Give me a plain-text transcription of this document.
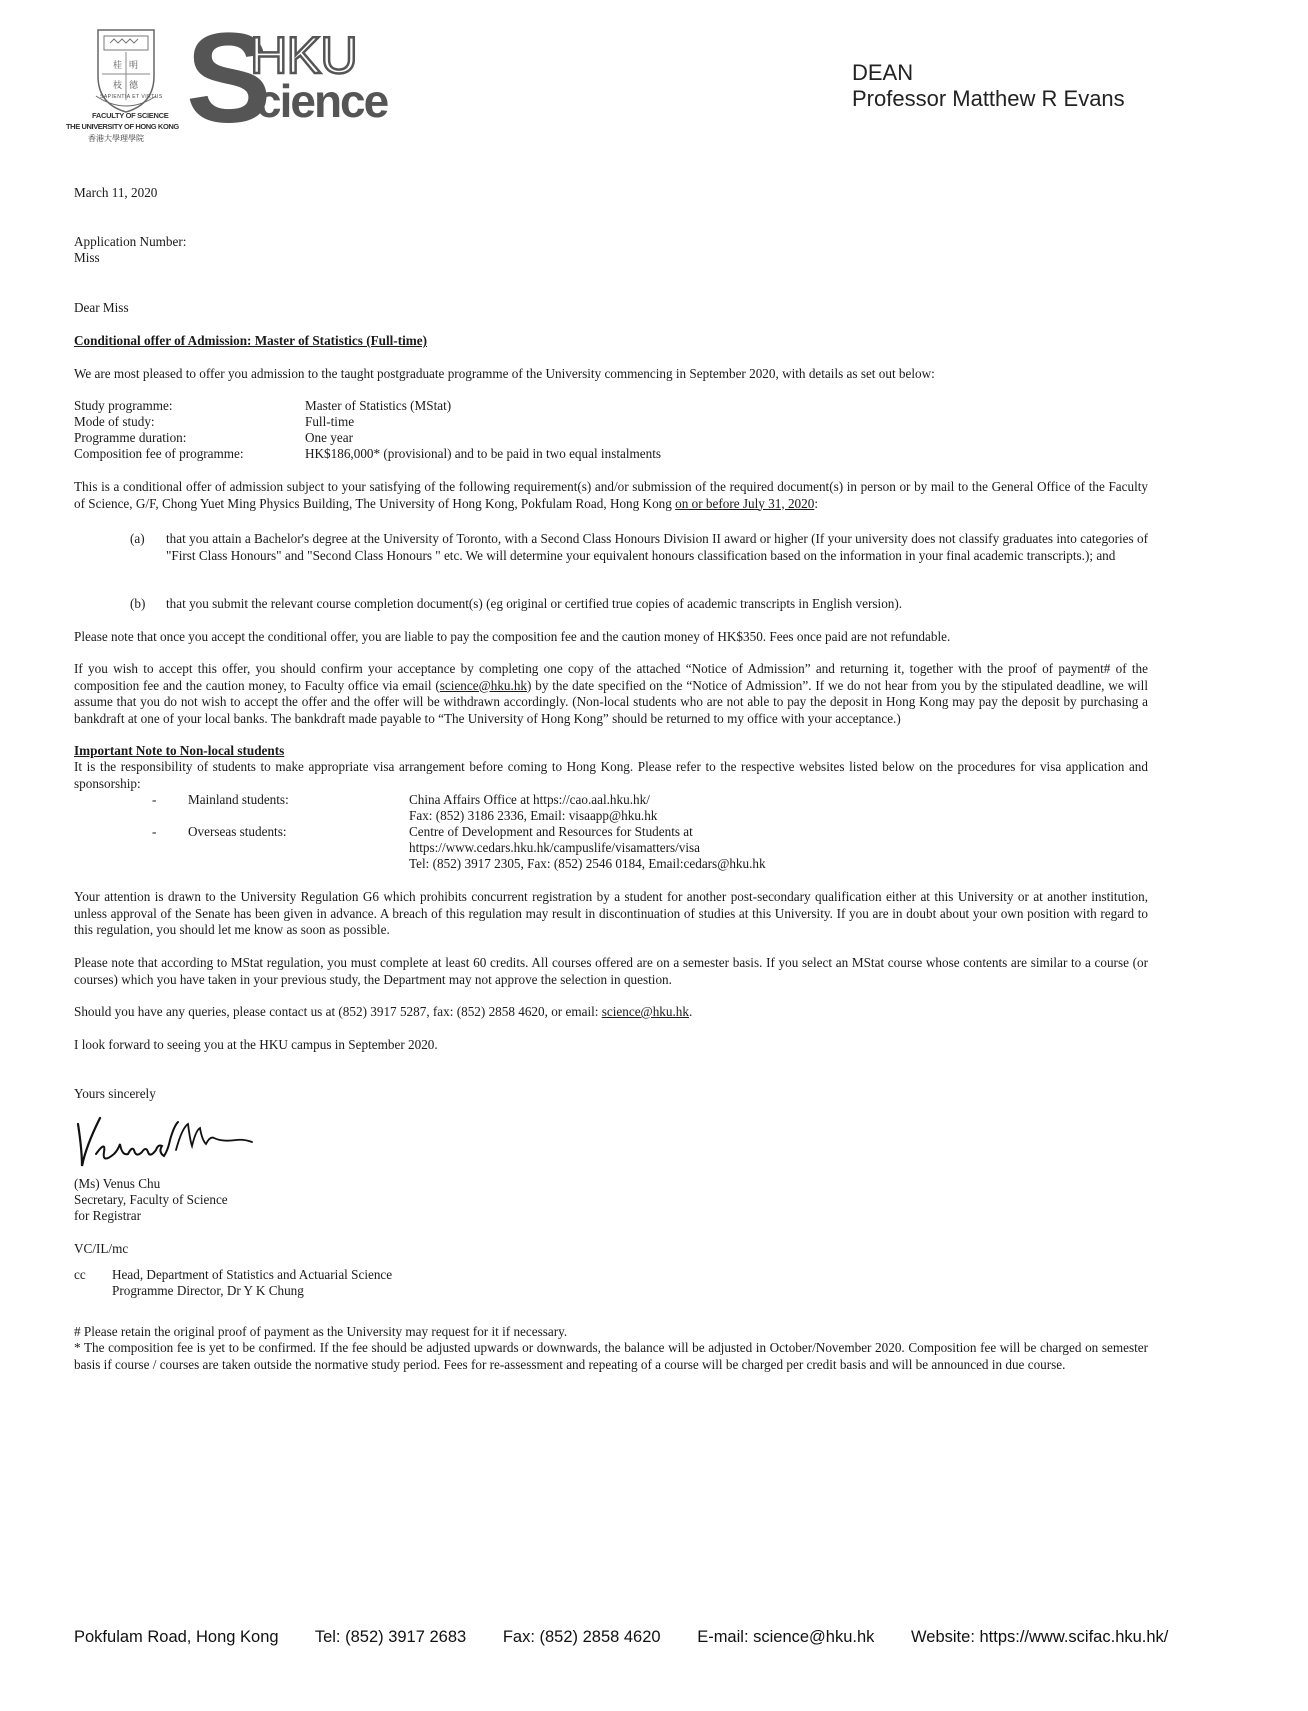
桂 明
枝 德
SAPIENTIA ET VIRTUS
FACULTY OF SCIENCE
THE UNIVERSITY OF HONG KONG
香港大學理學院 S
HKU
cience
DEAN
Professor Matthew R Evans
March 11, 2020
Application Number:
Miss
Dear Miss
Conditional offer of Admission: Master of Statistics (Full-time)
We are most pleased to offer you admission to the taught postgraduate programme of the University commencing in September 2020, with details as set out below:
Study programme:	Master of Statistics (MStat)
Mode of study:	Full-time
Programme duration:	One year
Composition fee of programme:	HK$186,000* (provisional) and to be paid in two equal instalments
This is a conditional offer of admission subject to your satisfying of the following requirement(s) and/or submission of the required document(s) in person or by mail to the General Office of the Faculty of Science, G/F, Chong Yuet Ming Physics Building, The University of Hong Kong, Pokfulam Road, Hong Kong on or before July 31, 2020:
(a) that you attain a Bachelor's degree at the University of Toronto, with a Second Class Honours Division II award or higher (If your university does not classify graduates into categories of "First Class Honours" and "Second Class Honours " etc. We will determine your equivalent honours classification based on the information in your final academic transcripts.); and
(b) that you submit the relevant course completion document(s) (eg original or certified true copies of academic transcripts in English version).
Please note that once you accept the conditional offer, you are liable to pay the composition fee and the caution money of HK$350. Fees once paid are not refundable.
If you wish to accept this offer, you should confirm your acceptance by completing one copy of the attached “Notice of Admission” and returning it, together with the proof of payment# of the composition fee and the caution money, to Faculty office via email (science@hku.hk) by the date specified on the “Notice of Admission”. If we do not hear from you by the stipulated deadline, we will assume that you do not wish to accept the offer and the offer will be withdrawn accordingly. (Non-local students who are not able to pay the deposit in Hong Kong may pay the deposit by purchasing a bankdraft at one of your local banks. The bankdraft made payable to “The University of Hong Kong” should be returned to my office with your acceptance.)
Important Note to Non-local students
It is the responsibility of students to make appropriate visa arrangement before coming to Hong Kong. Please refer to the respective websites listed below on the procedures for visa application and sponsorship:
- Mainland students:	China Affairs Office at https://cao.aal.hku.hk/
Fax: (852) 3186 2336, Email: visaapp@hku.hk
- Overseas students:	Centre of Development and Resources for Students at
https://www.cedars.hku.hk/campuslife/visamatters/visa
Tel: (852) 3917 2305, Fax: (852) 2546 0184, Email:cedars@hku.hk
Your attention is drawn to the University Regulation G6 which prohibits concurrent registration by a student for another post-secondary qualification either at this University or at another institution, unless approval of the Senate has been given in advance. A breach of this regulation may result in discontinuation of studies at this University. If you are in doubt about your own position with regard to this regulation, you should let me know as soon as possible.
Please note that according to MStat regulation, you must complete at least 60 credits. All courses offered are on a semester basis. If you select an MStat course whose contents are similar to a course (or courses) which you have taken in your previous study, the Department may not approve the selection in question.
Should you have any queries, please contact us at (852) 3917 5287, fax: (852) 2858 4620, or email: science@hku.hk.
I look forward to seeing you at the HKU campus in September 2020.
Yours sincerely
(Ms) Venus Chu
Secretary, Faculty of Science
for Registrar
VC/IL/mc
cc Head, Department of Statistics and Actuarial Science
Programme Director, Dr Y K Chung
# Please retain the original proof of payment as the University may request for it if necessary.
* The composition fee is yet to be confirmed. If the fee should be adjusted upwards or downwards, the balance will be adjusted in October/November 2020. Composition fee will be charged on semester basis if course / courses are taken outside the normative study period. Fees for re-assessment and repeating of a course will be charged per credit basis and will be announced in due course.
Pokfulam Road, Hong Kong Tel: (852) 3917 2683 Fax: (852) 2858 4620 E-mail: science@hku.hk Website: https://www.scifac.hku.hk/
